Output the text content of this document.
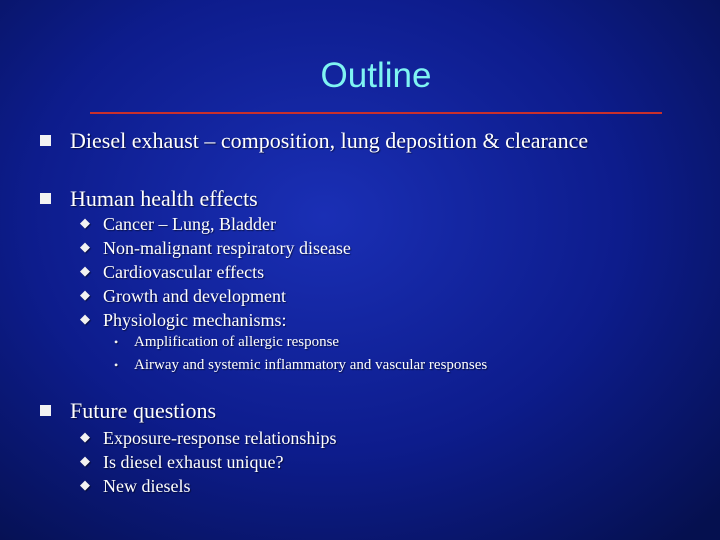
Outline
Diesel exhaust – composition, lung deposition & clearance
Human health effects
◆ Cancer – Lung, Bladder
◆ Non-malignant respiratory disease
◆ Cardiovascular effects
◆ Growth and development
◆ Physiologic mechanisms:
• Amplification of allergic response
• Airway and systemic inflammatory and vascular responses
Future questions
◆ Exposure-response relationships
◆ Is diesel exhaust unique?
◆ New diesels
